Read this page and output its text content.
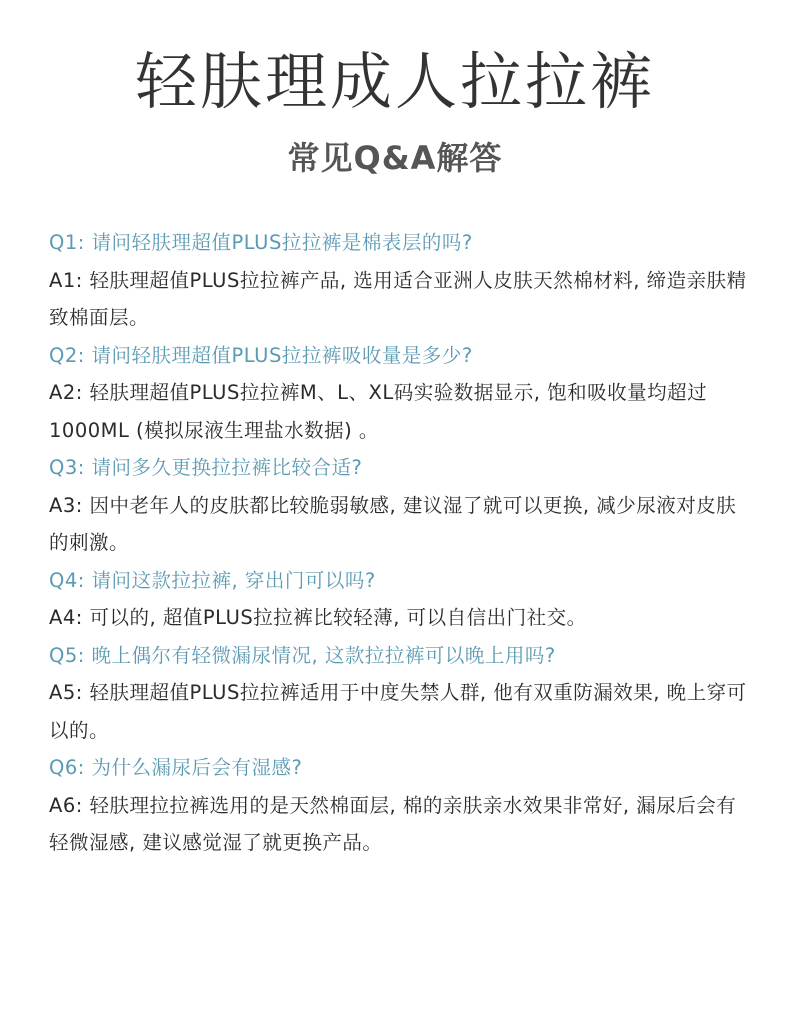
轻肤理成人拉拉裤
常见Q&A解答

Q1: 请问轻肤理超值PLUS拉拉裤是棉表层的吗?

A1: 轻肤理超值PLUS拉拉裤产品, 选用适合亚洲人皮肤天然棉材料, 缔造亲肤精致棉面层。

Q2: 请问轻肤理超值PLUS拉拉裤吸收量是多少?

A2: 轻肤理超值PLUS拉拉裤M、L、XL码实验数据显示, 饱和吸收量均超过1000ML (模拟尿液生理盐水数据) 。

Q3: 请问多久更换拉拉裤比较合适?

A3: 因中老年人的皮肤都比较脆弱敏感, 建议湿了就可以更换, 减少尿液对皮肤的刺激。

Q4: 请问这款拉拉裤, 穿出门可以吗?

A4: 可以的, 超值PLUS拉拉裤比较轻薄, 可以自信出门社交。

Q5: 晚上偶尔有轻微漏尿情况, 这款拉拉裤可以晚上用吗?

A5: 轻肤理超值PLUS拉拉裤适用于中度失禁人群, 他有双重防漏效果, 晚上穿可以的。

Q6: 为什么漏尿后会有湿感?

A6: 轻肤理拉拉裤选用的是天然棉面层, 棉的亲肤亲水效果非常好, 漏尿后会有轻微湿感, 建议感觉湿了就更换产品。
